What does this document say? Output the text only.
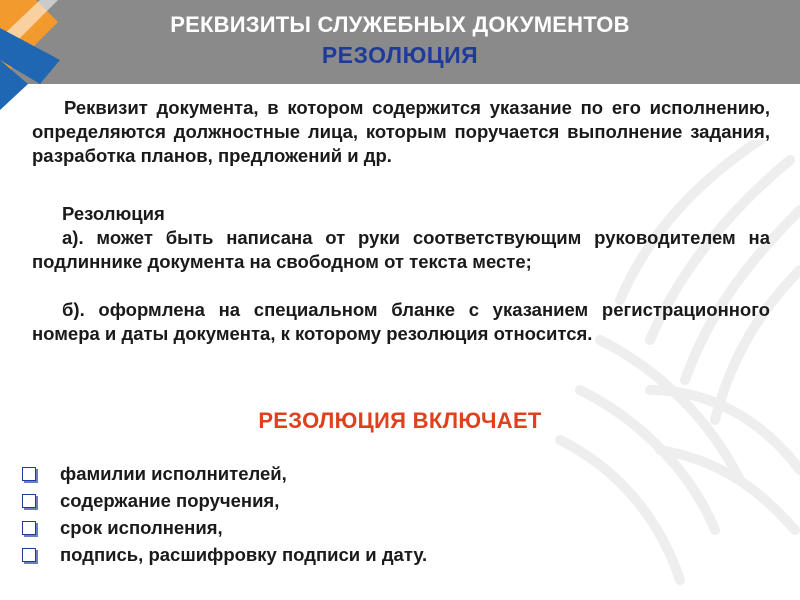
РЕКВИЗИТЫ СЛУЖЕБНЫХ ДОКУМЕНТОВ
РЕЗОЛЮЦИЯ
Реквизит документа, в котором содержится указание по его исполнению, определяются должностные лица, которым поручается выполнение задания, разработка планов, предложений и др.
Резолюция
а). может быть написана от руки соответствующим руководителем на подлиннике документа на свободном от текста месте;
б). оформлена на специальном бланке с указанием регистрационного номера и даты документа, к которому резолюция относится.
РЕЗОЛЮЦИЯ ВКЛЮЧАЕТ
фамилии исполнителей,
содержание поручения,
срок исполнения,
подпись, расшифровку подписи и дату.
